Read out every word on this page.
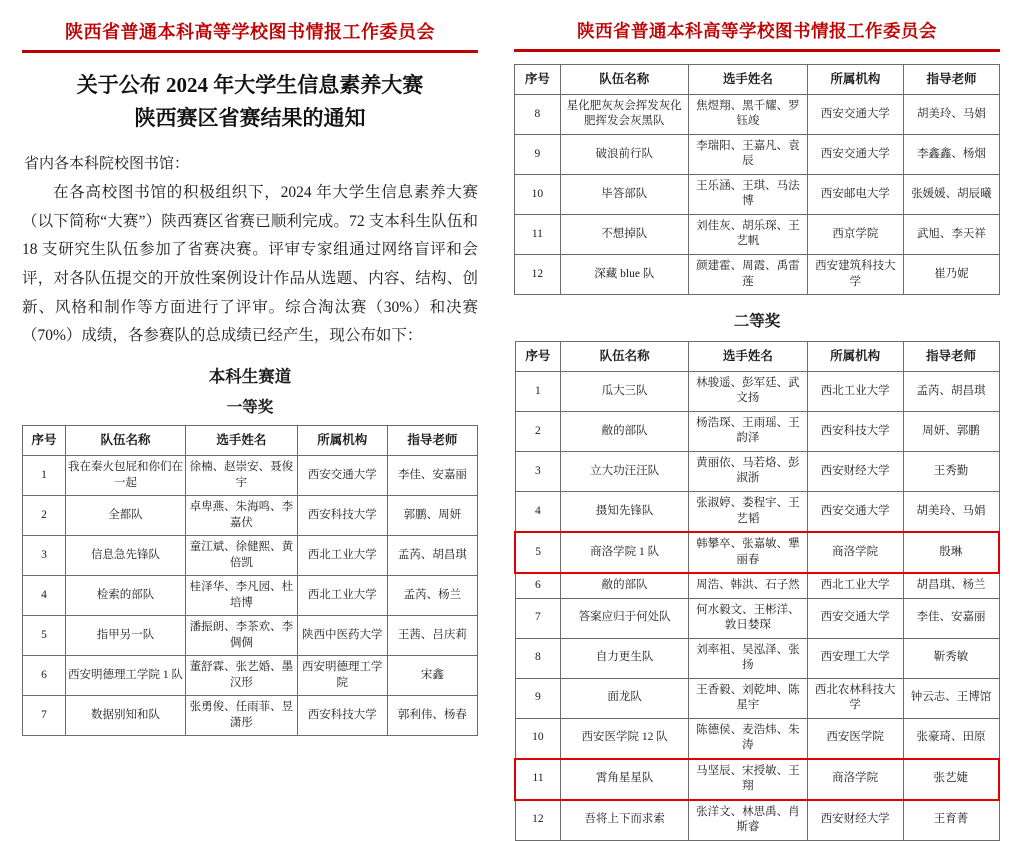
陕西省普通本科高等学校图书情报工作委员会
关于公布 2024 年大学生信息素养大赛
陕西赛区省赛结果的通知
省内各本科院校图书馆：

在各高校图书馆的积极组织下，2024 年大学生信息素养大赛（以下简称“大赛”）陕西赛区省赛已顺利完成。72 支本科生队伍和 18 支研究生队伍参加了省赛决赛。评审专家组通过网络盲评和会评，对各队伍提交的开放性案例设计作品从选题、内容、结构、创新、风格和制作等方面进行了评审。综合淘汰赛（30%）和决赛（70%）成绩，各参赛队的总成绩已经产生，现公布如下：

本科生赛道
一等奖
序号	队伍名称	选手姓名	所属机构	指导老师
1	我在秦火包屁和你们在一起	徐楠、赵崇安、聂俊宇	西安交通大学	李佳、安嘉丽
2	全都队	卓卑燕、朱海鸣、李嘉伏	西安科技大学	郭鹏、周妍
3	信息急先锋队	童江斌、徐健熙、黄倍凯	西北工业大学	孟芮、胡昌琪
4	检索的部队	桂泽华、李凡园、杜培博	西北工业大学	孟芮、杨兰
5	指甲另一队	潘振朗、李茶欢、李倜倜	陕西中医药大学	王茜、吕庆莉
6	西安明德理工学院 1 队	董舒霖、张艺婚、墨汉形	西安明德理工学院	宋鑫
7	数据别知和队	张勇俊、任雨菲、昱潇彤	西安科技大学	郭利伟、杨春
陕西省普通本科高等学校图书情报工作委员会
序号	队伍名称	选手姓名	所属机构	指导老师
8	星化肥灰灰会挥发灰化肥挥发会灰黑队	焦煜翔、黑千耀、罗钰竣	西安交通大学	胡美玲、马娟
9	破浪前行队	李瑞阳、王嘉凡、袁辰	西安交通大学	李鑫鑫、杨烟
10	毕答部队	王乐涵、王琪、马法博	西安邮电大学	张媛媛、胡辰曦
11	不想掉队	刘佳灰、胡乐琛、王艺帆	西京学院	武旭、李天祥
12	深藏 blue 队	颜建霍、周霞、禹雷莲	西安建筑科技大学	崔乃妮
二等奖
序号	队伍名称	选手姓名	所属机构	指导老师
1	瓜大三队	林骏遥、彭军廷、武文扬	西北工业大学	孟芮、胡昌琪
2	敝的部队	杨浩琛、王雨瑶、王韵泽	西安科技大学	周妍、郭鹏
3	立大功汪汪队	黄丽依、马若烙、彭淑浙	西安财经大学	王秀勤
4	摄知先锋队	张淑婷、娄程宇、王艺韬	西安交通大学	胡美玲、马娟
5	商洛学院 1 队	韩攀卒、张嘉敏、犟丽春	商洛学院	殷琳
6	敝的部队	周浩、韩洪、石子然	西北工业大学	胡昌琪、杨兰
7	答案应归于何处队	何水毅文、王彬洋、敦日婪琛	西安交通大学	李佳、安嘉丽
8	自力更生队	刘率祖、吴泓泽、张扬	西安理工大学	靳秀敏
9	面龙队	王香毅、刘乾坤、陈星宇	西北农林科技大学	钟云志、王博馆
10	西安医学院 12 队	陈德侯、麦浩炜、朱涛	西安医学院	张豪琦、田原
11	霄角星星队	马坚辰、宋授敏、王翔	商洛学院	张艺婕
12	吾将上下而求索	张洋文、林思禹、肖斯睿	西安财经大学	王育菁
